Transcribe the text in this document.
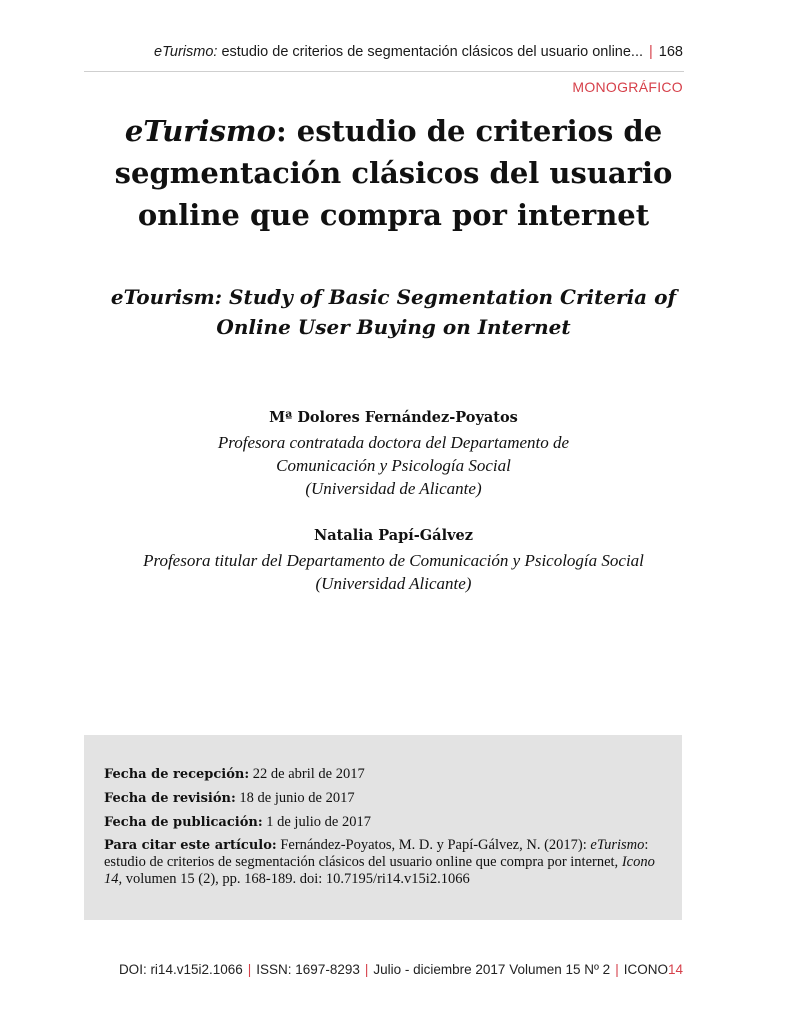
eTurismo: estudio de criterios de segmentación clásicos del usuario online... | 168
MONOGRÁFICO
eTurismo: estudio de criterios de
segmentación clásicos del usuario
online que compra por internet
eTourism: Study of Basic Segmentation Criteria of
Online User Buying on Internet
Mª Dolores Fernández-Poyatos
Profesora contratada doctora del Departamento de
Comunicación y Psicología Social
(Universidad de Alicante)
Natalia Papí-Gálvez
Profesora titular del Departamento de Comunicación y Psicología Social
(Universidad Alicante)
Fecha de recepción: 22 de abril de 2017
Fecha de revisión: 18 de junio de 2017
Fecha de publicación: 1 de julio de 2017
Para citar este artículo: Fernández-Poyatos, M. D. y Papí-Gálvez, N. (2017): eTurismo: estudio de criterios de segmentación clásicos del usuario online que compra por internet, Icono 14, volumen 15 (2), pp. 168-189. doi: 10.7195/ri14.v15i2.1066
DOI: ri14.v15i2.1066 | ISSN: 1697-8293 | Julio - diciembre 2017 Volumen 15 Nº 2 | ICONO14
